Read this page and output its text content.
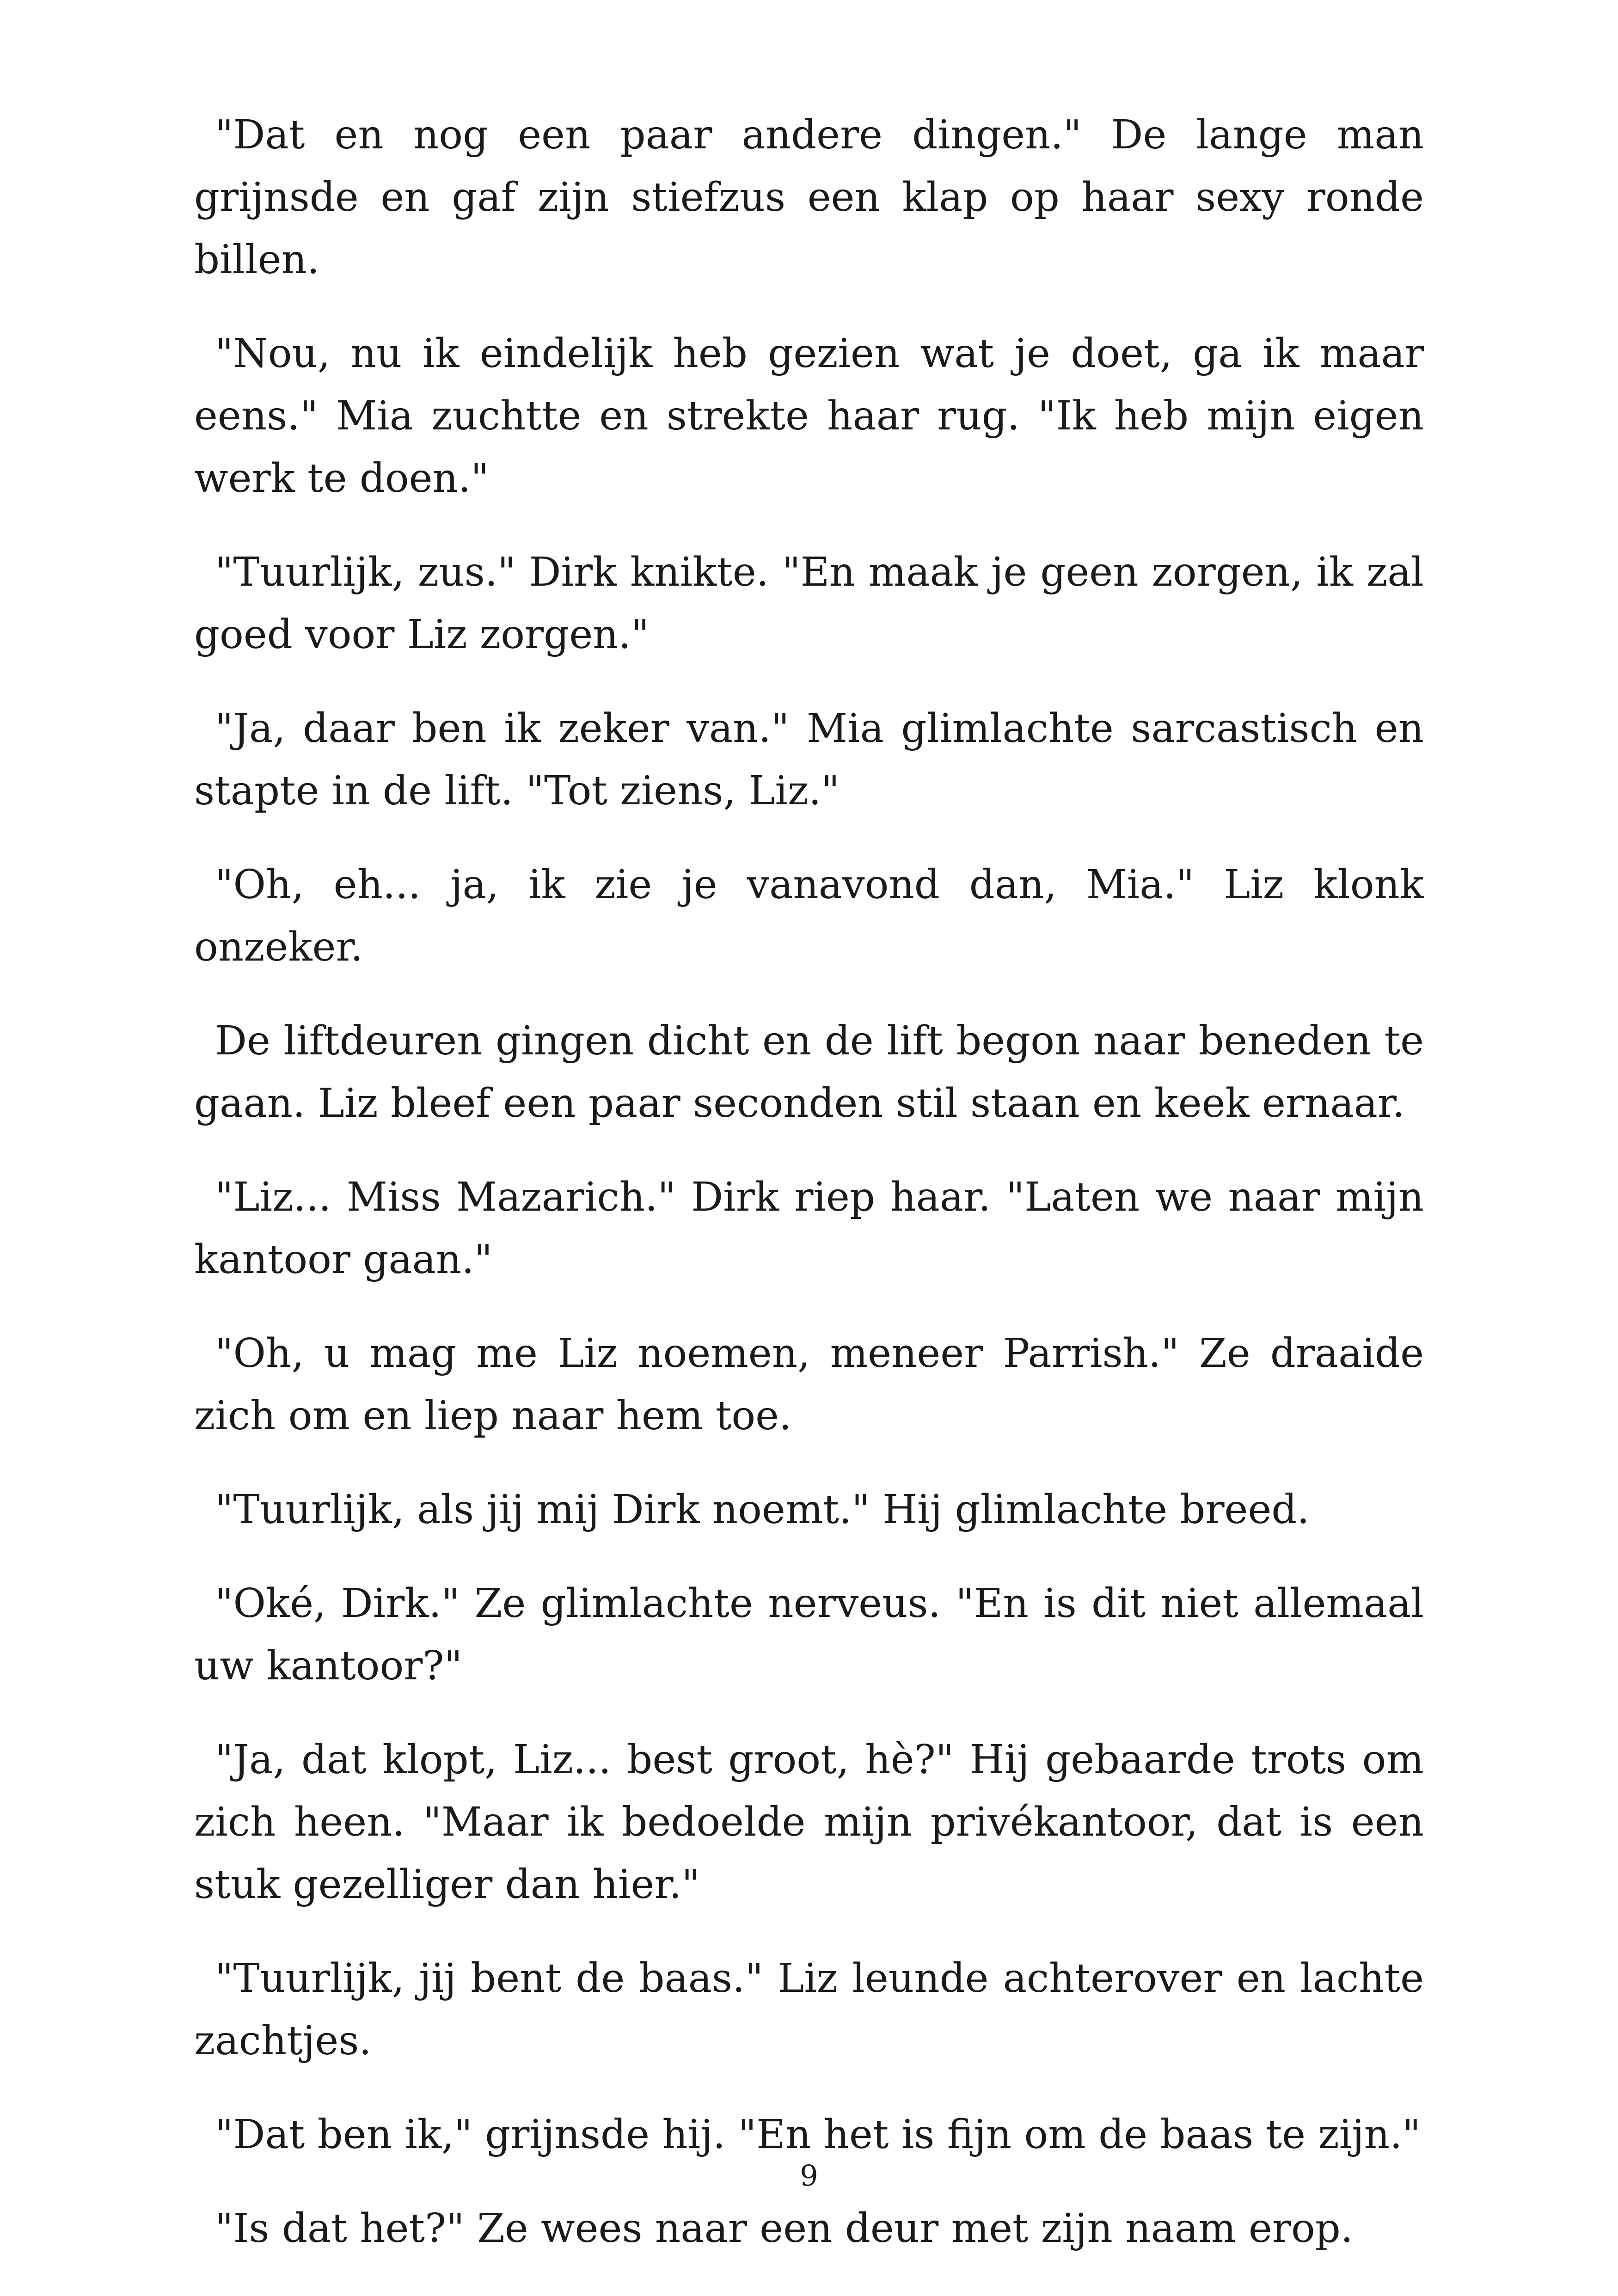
"Dat en nog een paar andere dingen." De lange man grijnsde en gaf zijn stiefzus een klap op haar sexy ronde billen.

"Nou, nu ik eindelijk heb gezien wat je doet, ga ik maar eens." Mia zuchtte en strekte haar rug. "Ik heb mijn eigen werk te doen."

"Tuurlijk, zus." Dirk knikte. "En maak je geen zorgen, ik zal goed voor Liz zorgen."

"Ja, daar ben ik zeker van." Mia glimlachte sarcastisch en stapte in de lift. "Tot ziens, Liz."

"Oh, eh... ja, ik zie je vanavond dan, Mia." Liz klonk onzeker.

De liftdeuren gingen dicht en de lift begon naar beneden te gaan. Liz bleef een paar seconden stil staan en keek ernaar.

"Liz... Miss Mazarich." Dirk riep haar. "Laten we naar mijn kantoor gaan."

"Oh, u mag me Liz noemen, meneer Parrish." Ze draaide zich om en liep naar hem toe.

"Tuurlijk, als jij mij Dirk noemt." Hij glimlachte breed.

"Oké, Dirk." Ze glimlachte nerveus. "En is dit niet allemaal uw kantoor?"

"Ja, dat klopt, Liz... best groot, hè?" Hij gebaarde trots om zich heen. "Maar ik bedoelde mijn privékantoor, dat is een stuk gezelliger dan hier."

"Tuurlijk, jij bent de baas." Liz leunde achterover en lachte zachtjes.

"Dat ben ik," grijnsde hij. "En het is fijn om de baas te zijn."

"Is dat het?" Ze wees naar een deur met zijn naam erop.

9
